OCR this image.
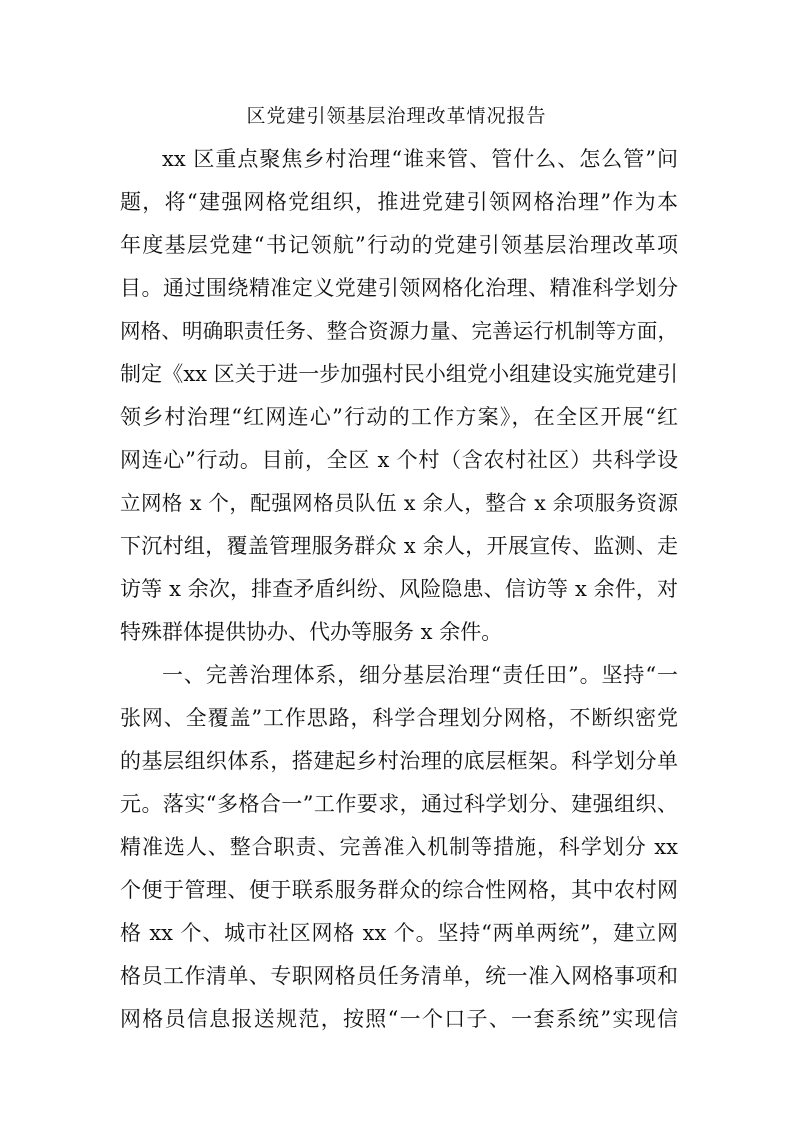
区党建引领基层治理改革情况报告
xx 区重点聚焦乡村治理“谁来管、管什么、怎么管”问
题，将“建强网格党组织，推进党建引领网格治理”作为本
年度基层党建“书记领航”行动的党建引领基层治理改革项
目。通过围绕精准定义党建引领网格化治理、精准科学划分
网格、明确职责任务、整合资源力量、完善运行机制等方面，
制定《xx 区关于进一步加强村民小组党小组建设实施党建引
领乡村治理“红网连心”行动的工作方案》，在全区开展“红
网连心”行动。目前，全区 x 个村（含农村社区）共科学设
立网格 x 个，配强网格员队伍 x 余人，整合 x 余项服务资源
下沉村组，覆盖管理服务群众 x 余人，开展宣传、监测、走
访等 x 余次，排查矛盾纠纷、风险隐患、信访等 x 余件，对
特殊群体提供协办、代办等服务 x 余件。
一、完善治理体系，细分基层治理“责任田”。坚持“一
张网、全覆盖”工作思路，科学合理划分网格，不断织密党
的基层组织体系，搭建起乡村治理的底层框架。科学划分单
元。落实“多格合一”工作要求，通过科学划分、建强组织、
精准选人、整合职责、完善准入机制等措施，科学划分 xx
个便于管理、便于联系服务群众的综合性网格，其中农村网
格 xx 个、城市社区网格 xx 个。坚持“两单两统”，建立网
格员工作清单、专职网格员任务清单，统一准入网格事项和
网格员信息报送规范，按照“一个口子、一套系统”实现信
